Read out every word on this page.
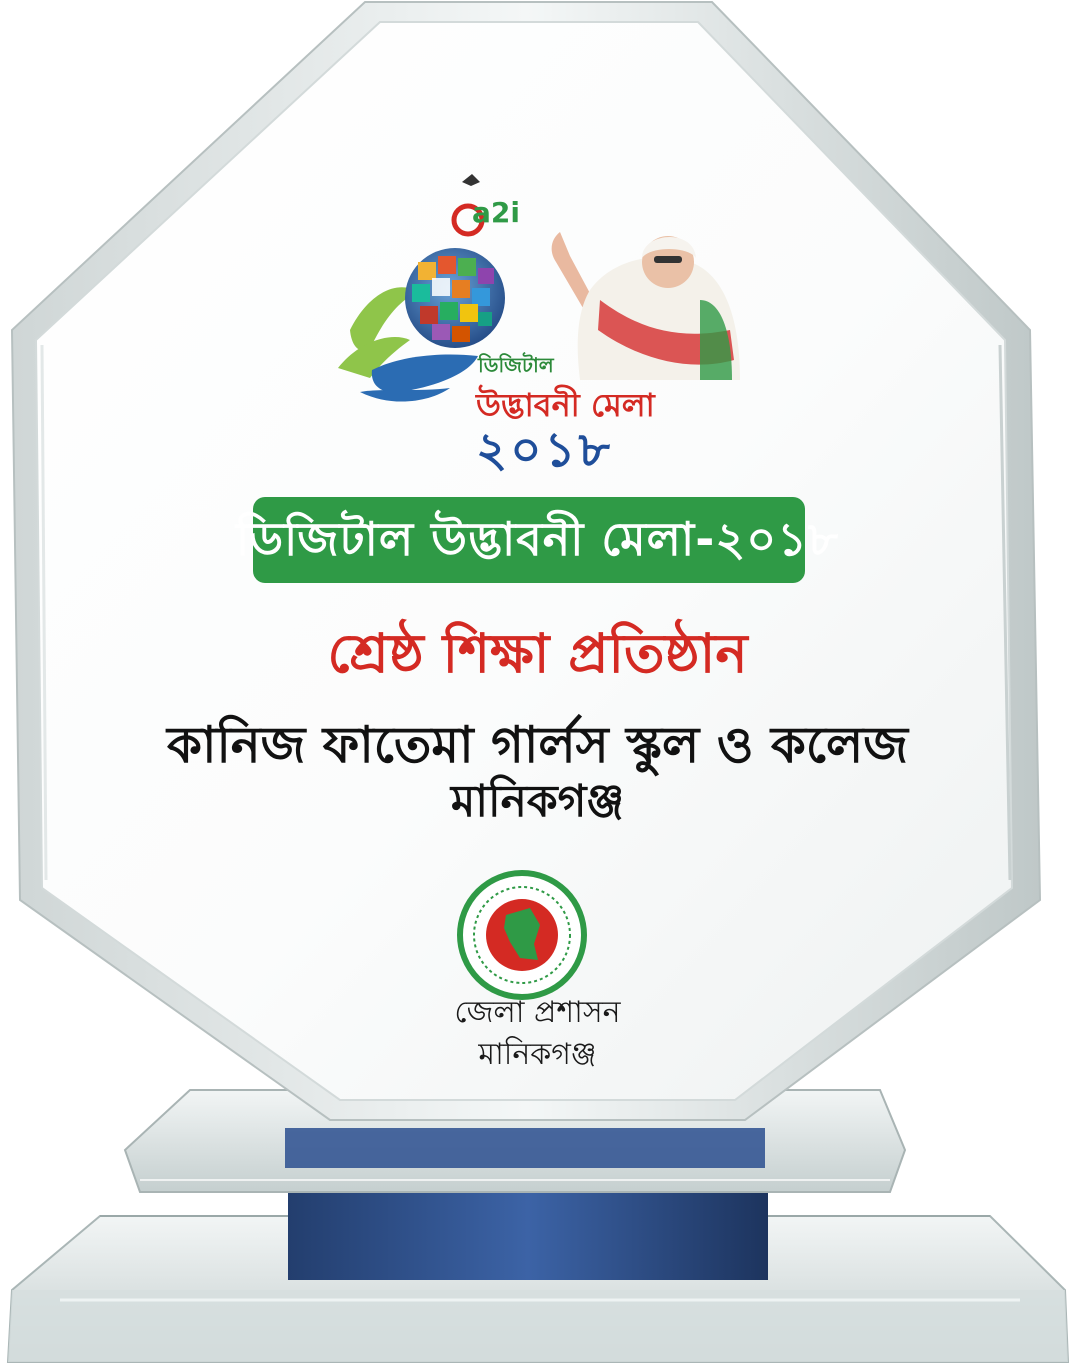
a2i
ডিজিটাল
উদ্ভাবনী মেলা
২০১৮
ডিজিটাল উদ্ভাবনী মেলা-২০১৮
শ্রেষ্ঠ শিক্ষা প্রতিষ্ঠান
কানিজ ফাতেমা গার্লস স্কুল ও কলেজ
মানিকগঞ্জ
জেলা প্রশাসন
মানিকগঞ্জ
